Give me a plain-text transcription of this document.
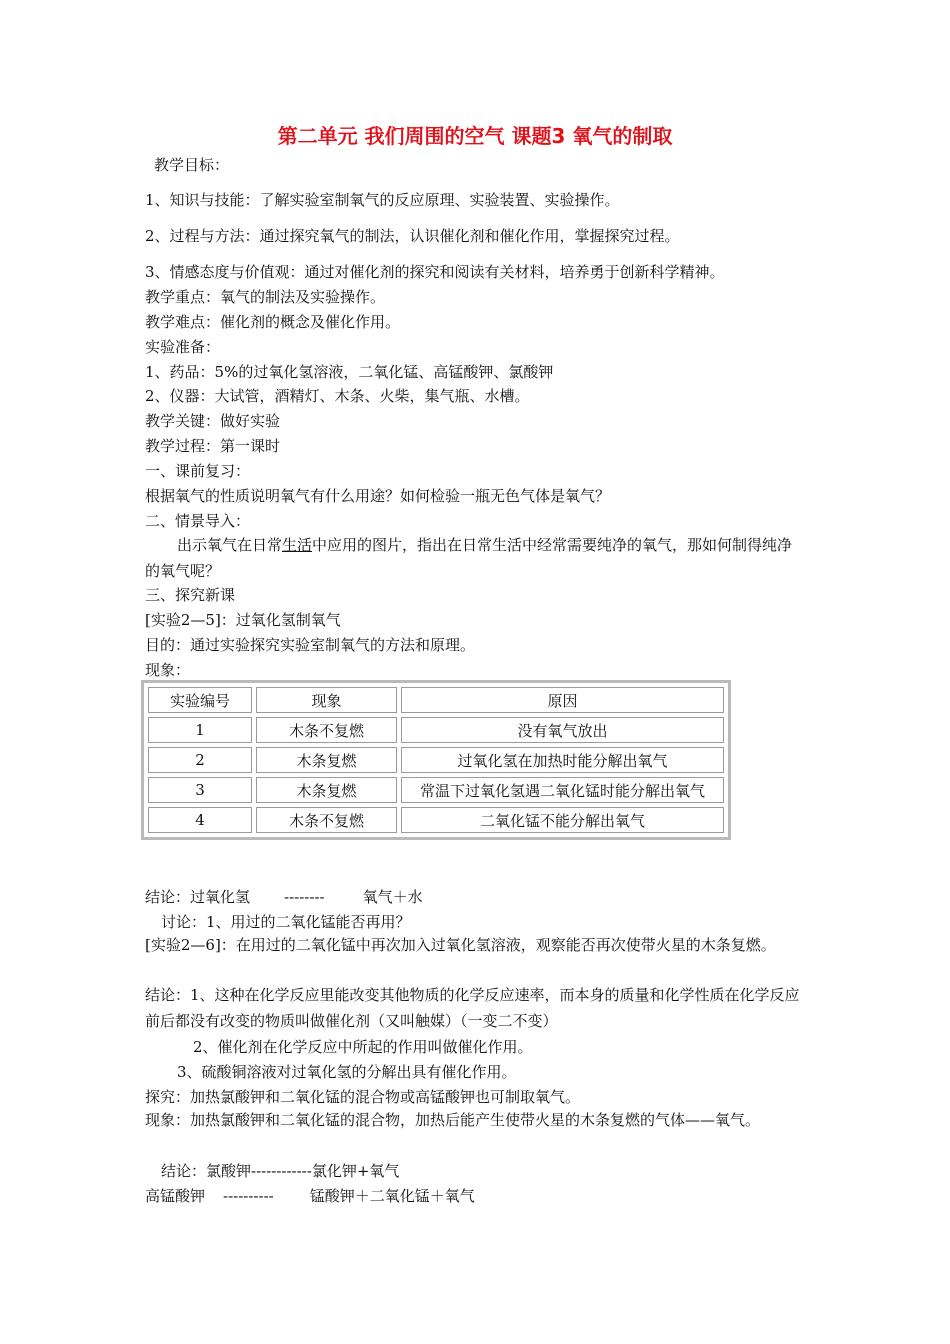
第二单元 我们周围的空气 课题3 氧气的制取
教学目标：
1、知识与技能：了解实验室制氧气的反应原理、实验装置、实验操作。
2、过程与方法：通过探究氧气的制法，认识催化剂和催化作用，掌握探究过程。
3、情感态度与价值观：通过对催化剂的探究和阅读有关材料，培养勇于创新科学精神。
教学重点：氧气的制法及实验操作。
教学难点：催化剂的概念及催化作用。
实验准备：
1、药品：5%的过氧化氢溶液，二氧化锰、高锰酸钾、氯酸钾
2、仪器：大试管，酒精灯、木条、火柴，集气瓶、水槽。
教学关键：做好实验
教学过程：第一课时
一、课前复习：
根据氧气的性质说明氧气有什么用途？如何检验一瓶无色气体是氧气？
二、情景导入：
出示氧气在日常生活中应用的图片，指出在日常生活中经常需要纯净的氧气，那如何制得纯净的氧气呢？
三、探究新课
[实验2—5]：过氧化氢制氧气
目的：通过实验探究实验室制氧气的方法和原理。
现象：
实验编号	现象	原因
1	木条不复燃	没有氧气放出
2	木条复燃	过氧化氢在加热时能分解出氧气
3	木条复燃	常温下过氧化氢遇二氧化锰时能分解出氧气
4	木条不复燃	二氧化锰不能分解出氧气
结论：过氧化氢 --------	氧气＋水
讨论：1、用过的二氧化锰能否再用？
[实验2—6]：在用过的二氧化锰中再次加入过氧化氢溶液，观察能否再次使带火星的木条复燃。
结论：1、这种在化学反应里能改变其他物质的化学反应速率，而本身的质量和化学性质在化学反应前后都没有改变的物质叫做催化剂（又叫触媒）（一变二不变）
2、催化剂在化学反应中所起的作用叫做催化作用。
3、硫酸铜溶液对过氧化氢的分解出具有催化作用。
探究：加热氯酸钾和二氧化锰的混合物或高锰酸钾也可制取氧气。
现象：加热氯酸钾和二氧化锰的混合物，加热后能产生使带火星的木条复燃的气体——氧气。
结论：氯酸钾------------氯化钾+氧气
高锰酸钾 ---------- 锰酸钾＋二氧化锰＋氧气
